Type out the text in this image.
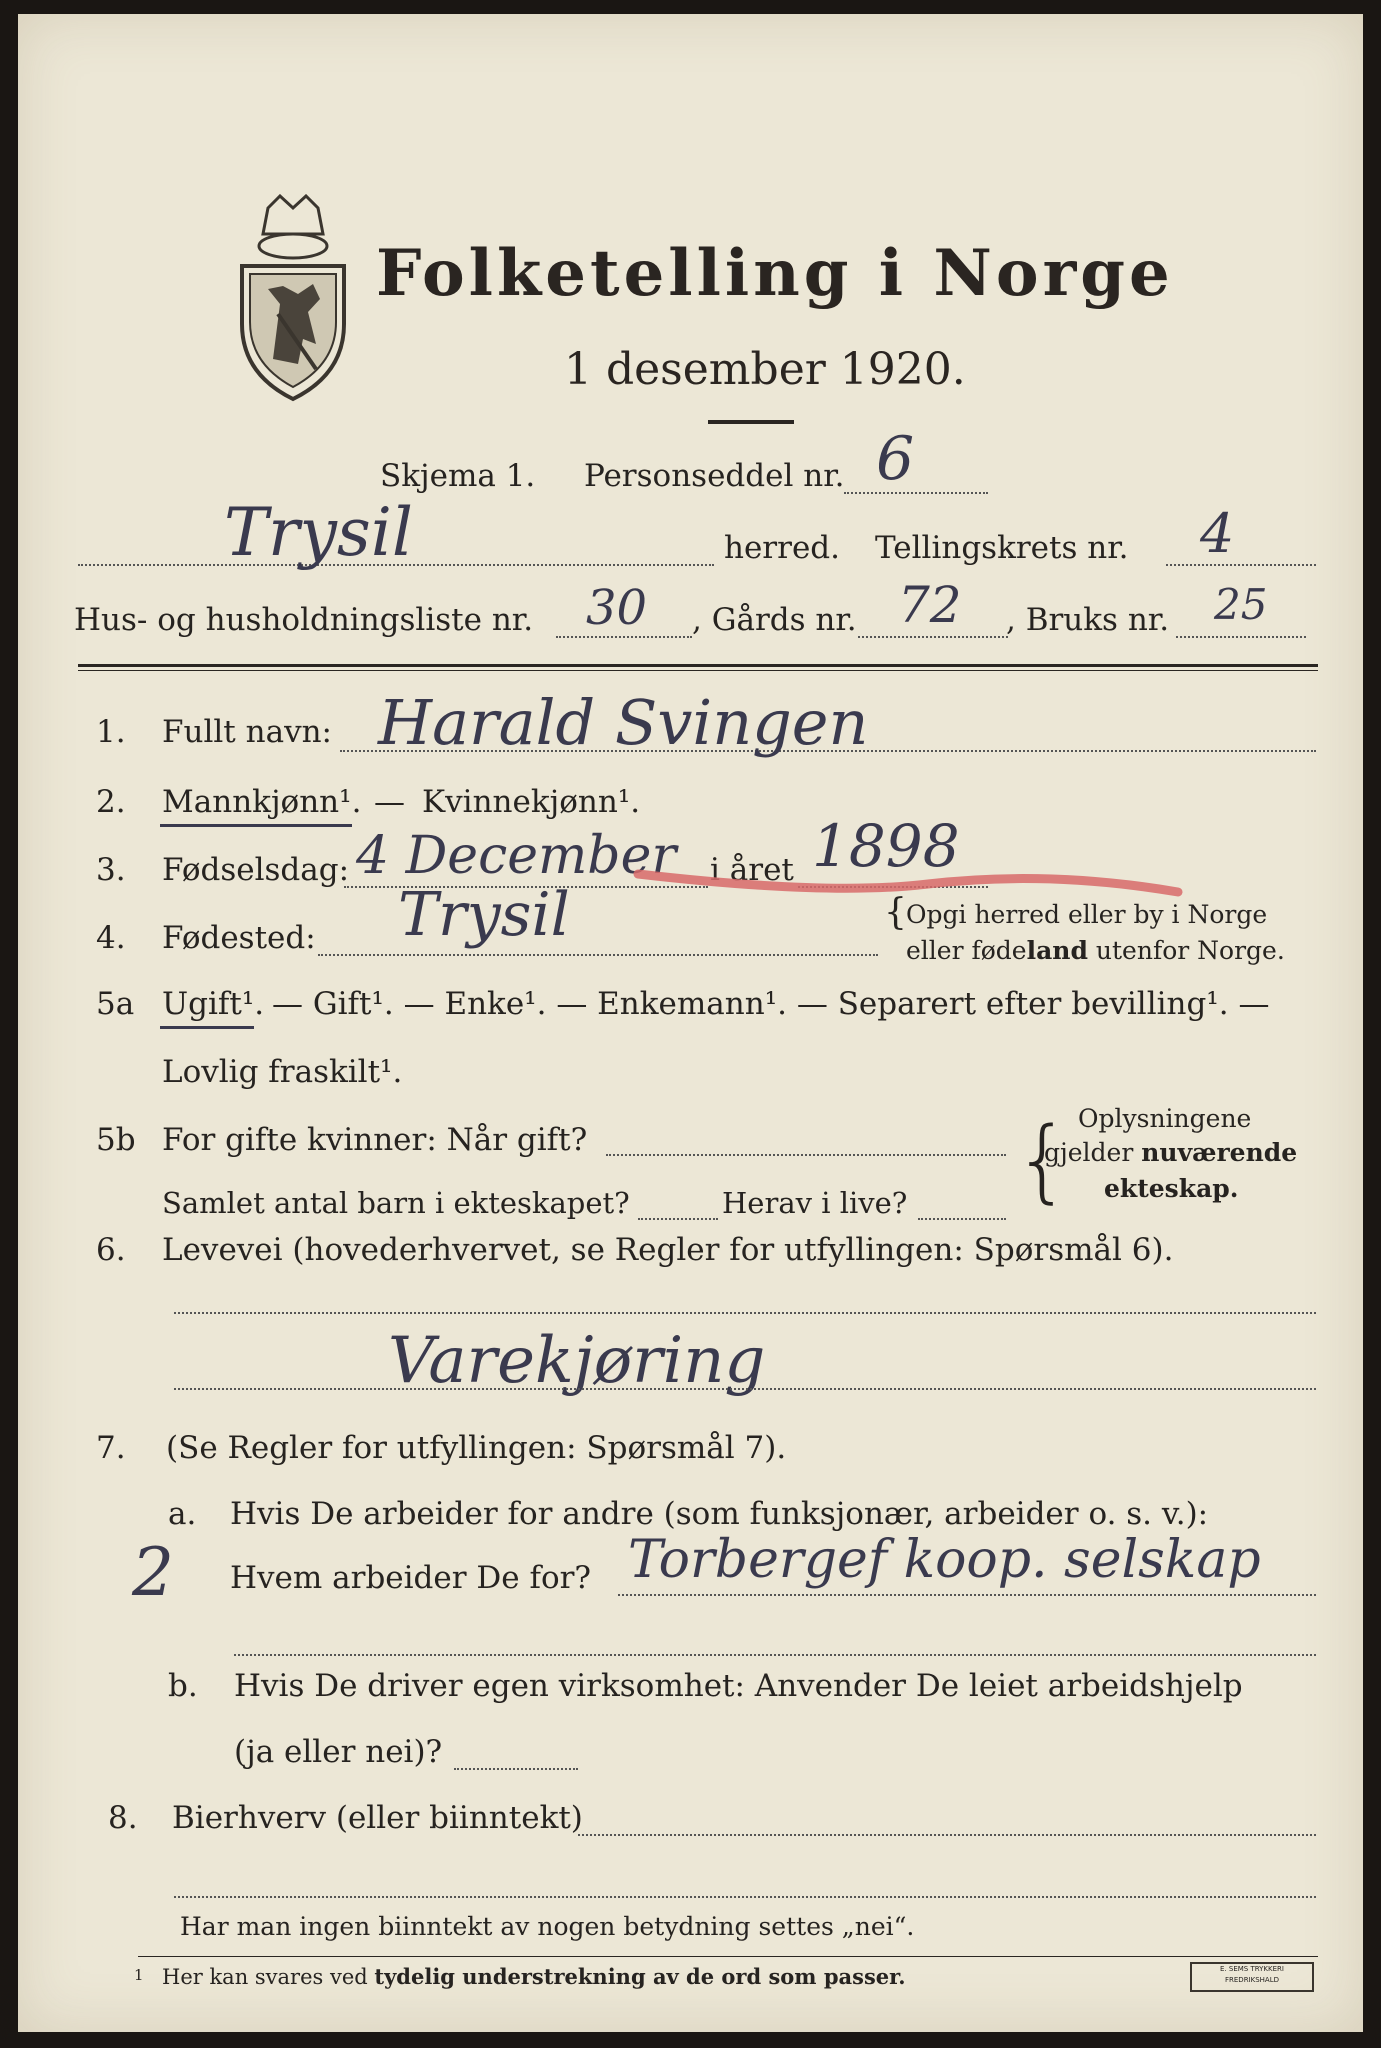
Folketelling i Norge
1 desember 1920.
Skjema 1. Personseddel nr. 6
Trysil	herred. Tellingskrets nr. 4
Hus- og husholdningsliste nr. 30 , Gårds nr. 72 , Bruks nr. 25
1. Fullt navn: Harald Svingen
2. Mannkjønn¹. — Kvinnekjønn¹.
3. Fødselsdag: 4 December i året 1898
4. Fødested: Trysil	{ Opgi herred eller by i Norge
eller fødeland utenfor Norge.
5a Ugift¹. — Gift¹. — Enke¹. — Enkemann¹. — Separert efter bevilling¹. —
Lovlig fraskilt¹.
5b For gifte kvinner: Når gift?
Samlet antal barn i ekteskapet?	Herav i live? { Oplysningene
gjelder nuværende
ekteskap.
6. Levevei (hovederhvervet, se Regler for utfyllingen: Spørsmål 6).
Varekjøring
7. (Se Regler for utfyllingen: Spørsmål 7).
a. Hvis De arbeider for andre (som funksjonær, arbeider o. s. v.):
2 Hvem arbeider De for? Torbergef koop. selskap
b. Hvis De driver egen virksomhet: Anvender De leiet arbeidshjelp
(ja eller nei)?
8. Bierhverv (eller biinntekt)
Har man ingen biinntekt av nogen betydning settes „nei“.
1 Her kan svares ved tydelig understrekning av de ord som passer.	E. SEMS TRYKKERI FREDRIKSHALD
